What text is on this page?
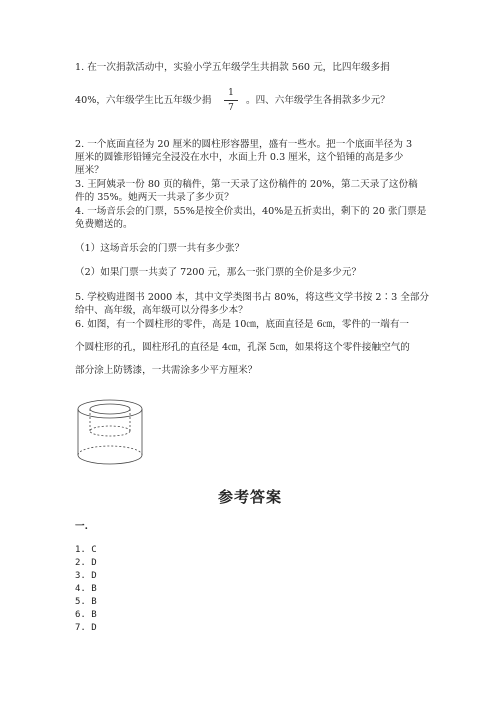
1. 在一次捐款活动中，实验小学五年级学生共捐款 560 元，比四年级多捐
40%，六年级学生比五年级少捐
1
7
。四、六年级学生各捐款多少元？
2. 一个底面直径为 20 厘米的圆柱形容器里，盛有一些水。把一个底面半径为 3
厘米的圆锥形铅锤完全浸没在水中，水面上升 0.3 厘米，这个铅锤的高是多少
厘米？
3. 王阿姨录一份 80 页的稿件，第一天录了这份稿件的 20%，第二天录了这份稿
件的 35%。她两天一共录了多少页？
4. 一场音乐会的门票，55%是按全价卖出，40%是五折卖出，剩下的 20 张门票是
免费赠送的。
（1）这场音乐会的门票一共有多少张？
（2）如果门票一共卖了 7200 元，那么一张门票的全价是多少元？
5. 学校购进图书 2000 本，其中文学类图书占 80%，将这些文学书按 2∶3 全部分
给中、高年级，高年级可以分得多少本？
6. 如图，有一个圆柱形的零件，高是 10㎝，底面直径是 6㎝，零件的一端有一
个圆柱形的孔，圆柱形孔的直径是 4㎝，孔深 5㎝，如果将这个零件接触空气的
部分涂上防锈漆，一共需涂多少平方厘米？
参考答案
一.
1. C
2. D
3. D
4. B
5. B
6. B
7. D
